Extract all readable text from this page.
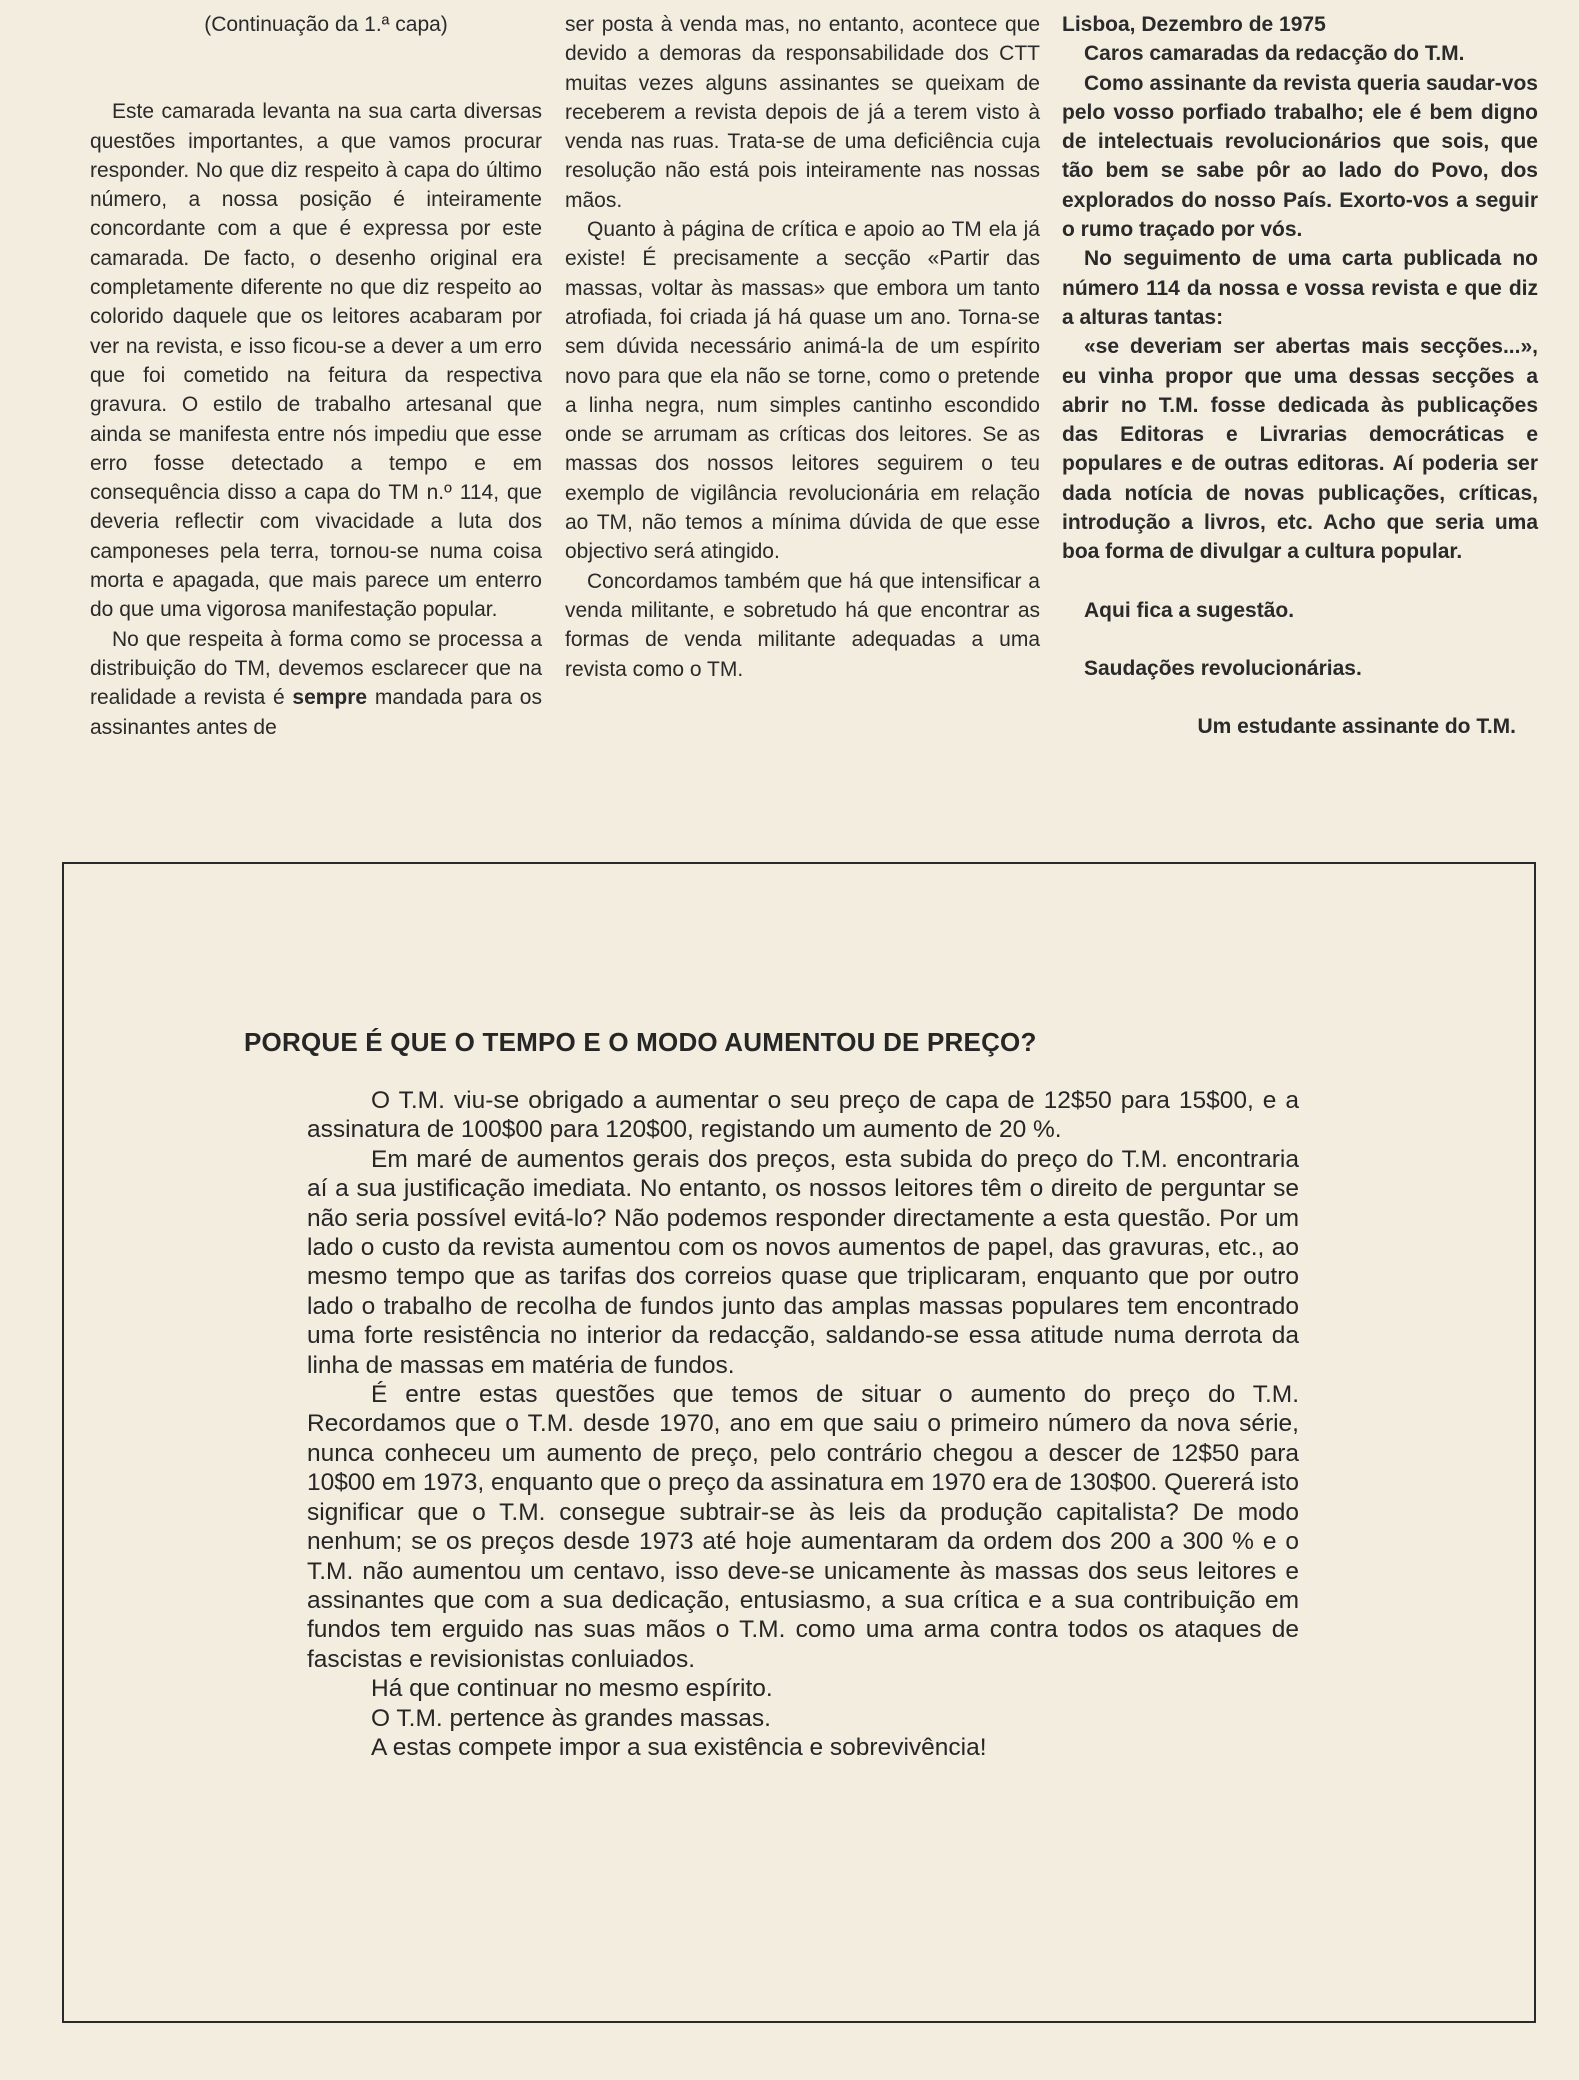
(Continuação da 1.ª capa)

Este camarada levanta na sua carta diversas questões importantes, a que vamos procurar responder. No que diz respeito à capa do último número, a nossa posição é inteiramente concordante com a que é expressa por este camarada. De facto, o desenho original era completamente diferente no que diz respeito ao colorido daquele que os leitores acabaram por ver na revista, e isso ficou-se a dever a um erro que foi cometido na feitura da respectiva gravura. O estilo de trabalho artesanal que ainda se manifesta entre nós impediu que esse erro fosse detectado a tempo e em consequência disso a capa do TM n.º 114, que deveria reflectir com vivacidade a luta dos camponeses pela terra, tornou-se numa coisa morta e apagada, que mais parece um enterro do que uma vigorosa manifestação popular.

No que respeita à forma como se processa a distribuição do TM, devemos esclarecer que na realidade a revista é sempre mandada para os assinantes antes de

ser posta à venda mas, no entanto, acontece que devido a demoras da responsabilidade dos CTT muitas vezes alguns assinantes se queixam de receberem a revista depois de já a terem visto à venda nas ruas. Trata-se de uma deficiência cuja resolução não está pois inteiramente nas nossas mãos.

Quanto à página de crítica e apoio ao TM ela já existe! É precisamente a secção «Partir das massas, voltar às massas» que embora um tanto atrofiada, foi criada já há quase um ano. Torna-se sem dúvida necessário animá-la de um espírito novo para que ela não se torne, como o pretende a linha negra, num simples cantinho escondido onde se arrumam as críticas dos leitores. Se as massas dos nossos leitores seguirem o teu exemplo de vigilância revolucionária em relação ao TM, não temos a mínima dúvida de que esse objectivo será atingido.

Concordamos também que há que intensificar a venda militante, e sobretudo há que encontrar as formas de venda militante adequadas a uma revista como o TM.

Lisboa, Dezembro de 1975

Caros camaradas da redacção do T.M.

Como assinante da revista queria saudar-vos pelo vosso porfiado trabalho; ele é bem digno de intelectuais revolucionários que sois, que tão bem se sabe pôr ao lado do Povo, dos explorados do nosso País. Exorto-vos a seguir o rumo traçado por vós.

No seguimento de uma carta publicada no número 114 da nossa e vossa revista e que diz a alturas tantas:

«se deveriam ser abertas mais secções...», eu vinha propor que uma dessas secções a abrir no T.M. fosse dedicada às publicações das Editoras e Livrarias democráticas e populares e de outras editoras. Aí poderia ser dada notícia de novas publicações, críticas, introdução a livros, etc. Acho que seria uma boa forma de divulgar a cultura popular.

Aqui fica a sugestão.

Saudações revolucionárias.

Um estudante assinante do T.M.

PORQUE É QUE O TEMPO E O MODO AUMENTOU DE PREÇO?

O T.M. viu-se obrigado a aumentar o seu preço de capa de 12$50 para 15$00, e a assinatura de 100$00 para 120$00, registando um aumento de 20 %.

Em maré de aumentos gerais dos preços, esta subida do preço do T.M. encontraria aí a sua justificação imediata. No entanto, os nossos leitores têm o direito de perguntar se não seria possível evitá-lo? Não podemos responder directamente a esta questão. Por um lado o custo da revista aumentou com os novos aumentos de papel, das gravuras, etc., ao mesmo tempo que as tarifas dos correios quase que triplicaram, enquanto que por outro lado o trabalho de recolha de fundos junto das amplas massas populares tem encontrado uma forte resistência no interior da redacção, saldando-se essa atitude numa derrota da linha de massas em matéria de fundos.

É entre estas questões que temos de situar o aumento do preço do T.M. Recordamos que o T.M. desde 1970, ano em que saiu o primeiro número da nova série, nunca conheceu um aumento de preço, pelo contrário chegou a descer de 12$50 para 10$00 em 1973, enquanto que o preço da assinatura em 1970 era de 130$00. Quererá isto significar que o T.M. consegue subtrair-se às leis da produção capitalista? De modo nenhum; se os preços desde 1973 até hoje aumentaram da ordem dos 200 a 300 % e o T.M. não aumentou um centavo, isso deve-se unicamente às massas dos seus leitores e assinantes que com a sua dedicação, entusiasmo, a sua crítica e a sua contribuição em fundos tem erguido nas suas mãos o T.M. como uma arma contra todos os ataques de fascistas e revisionistas conluiados.

Há que continuar no mesmo espírito.

O T.M. pertence às grandes massas.

A estas compete impor a sua existência e sobrevivência!
